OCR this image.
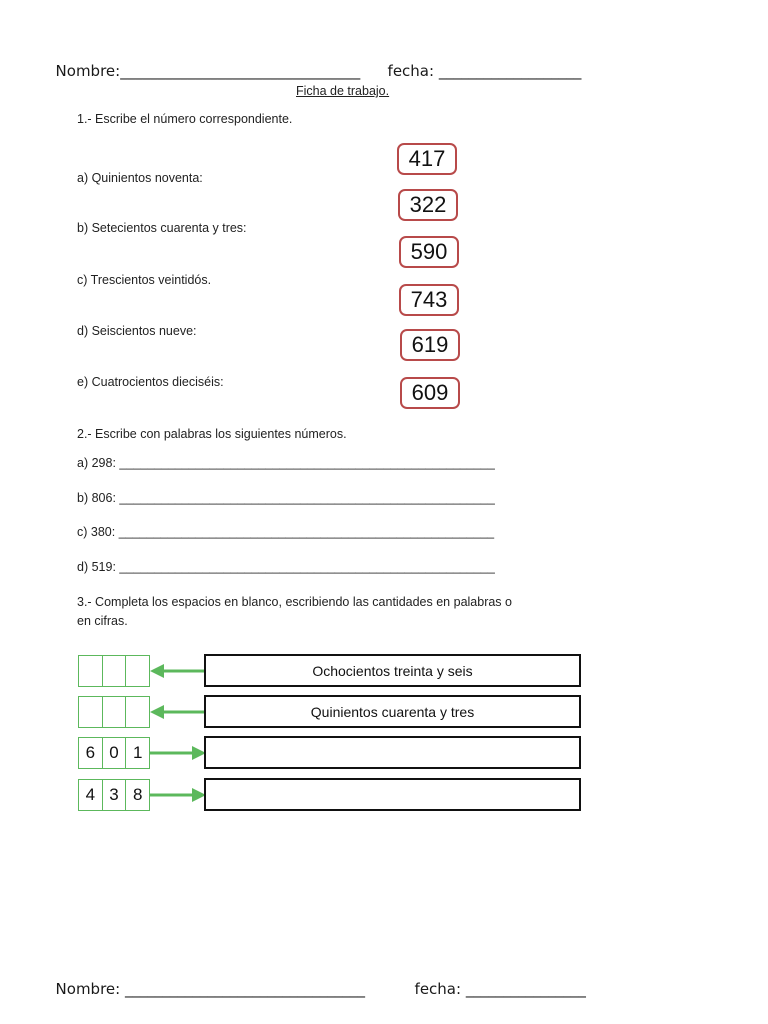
Nombre:________________________________	fecha: ___________________

Ficha de trabajo.
1.- Escribe el número correspondiente.
a) Quinientos noventa:
b) Setecientos cuarenta y tres:
c) Trescientos veintidós.
d) Seiscientos nueve:
e) Cuatrocientos dieciséis:
417
322
590
743
619
609
2.- Escribe con palabras los siguientes números.
a) 298: ______________________________________________________
b) 806: ______________________________________________________
c) 380: ______________________________________________________
d) 519: ______________________________________________________
3.- Completa los espacios en blanco, escribiendo las cantidades en palabras o
en cifras.
Ochocientos treinta y seis
Quinientos cuarenta y tres
6 0 1
4 3 8

Nombre: ________________________________	fecha: ________________
